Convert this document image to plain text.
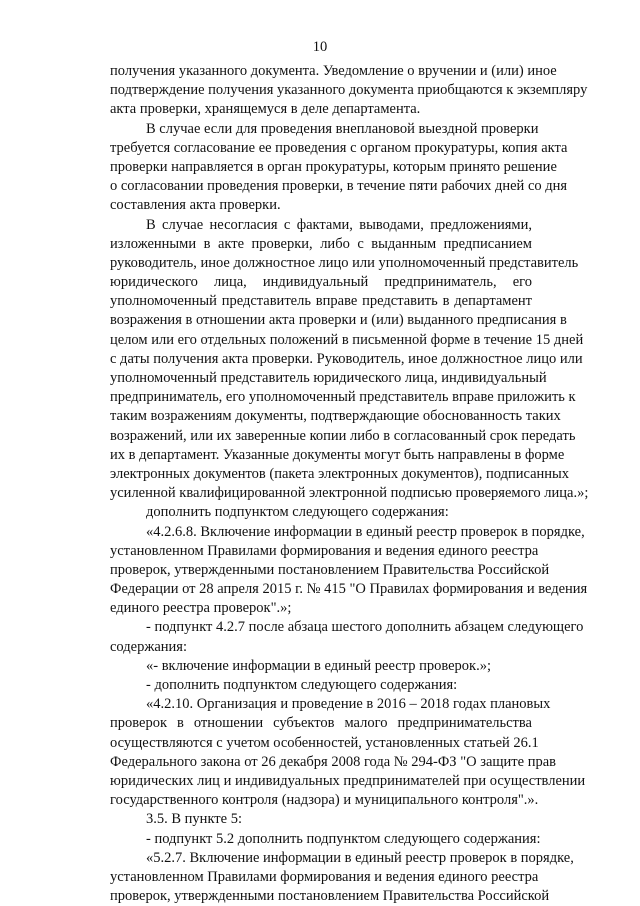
10
получения указанного документа. Уведомление о вручении и (или) иное
подтверждение получения указанного документа приобщаются к экземпляру
акта проверки, хранящемуся в деле департамента.
В случае если для проведения внеплановой выездной проверки
требуется согласование ее проведения с органом прокуратуры, копия акта
проверки направляется в орган прокуратуры, которым принято решение
о согласовании проведения проверки, в течение пяти рабочих дней со дня
составления акта проверки.
В случае несогласия с фактами, выводами, предложениями,
изложенными в акте проверки, либо с выданным предписанием
руководитель, иное должностное лицо или уполномоченный представитель
юридического лица, индивидуальный предприниматель, его
уполномоченный представитель вправе представить в департамент
возражения в отношении акта проверки и (или) выданного предписания в
целом или его отдельных положений в письменной форме в течение 15 дней
с даты получения акта проверки. Руководитель, иное должностное лицо или
уполномоченный представитель юридического лица, индивидуальный
предприниматель, его уполномоченный представитель вправе приложить к
таким возражениям документы, подтверждающие обоснованность таких
возражений, или их заверенные копии либо в согласованный срок передать
их в департамент. Указанные документы могут быть направлены в форме
электронных документов (пакета электронных документов), подписанных
усиленной квалифицированной электронной подписью проверяемого лица.»;
дополнить подпунктом следующего содержания:
«4.2.6.8. Включение информации в единый реестр проверок в порядке,
установленном Правилами формирования и ведения единого реестра
проверок, утвержденными постановлением Правительства Российской
Федерации от 28 апреля 2015 г. № 415 "О Правилах формирования и ведения
единого реестра проверок".»;
- подпункт 4.2.7 после абзаца шестого дополнить абзацем следующего
содержания:
«- включение информации в единый реестр проверок.»;
- дополнить подпунктом следующего содержания:
«4.2.10. Организация и проведение в 2016 – 2018 годах плановых
проверок в отношении субъектов малого предпринимательства
осуществляются с учетом особенностей, установленных статьей 26.1
Федерального закона от 26 декабря 2008 года № 294-ФЗ "О защите прав
юридических лиц и индивидуальных предпринимателей при осуществлении
государственного контроля (надзора) и муниципального контроля".».
3.5. В пункте 5:
- подпункт 5.2 дополнить подпунктом следующего содержания:
«5.2.7. Включение информации в единый реестр проверок в порядке,
установленном Правилами формирования и ведения единого реестра
проверок, утвержденными постановлением Правительства Российской
